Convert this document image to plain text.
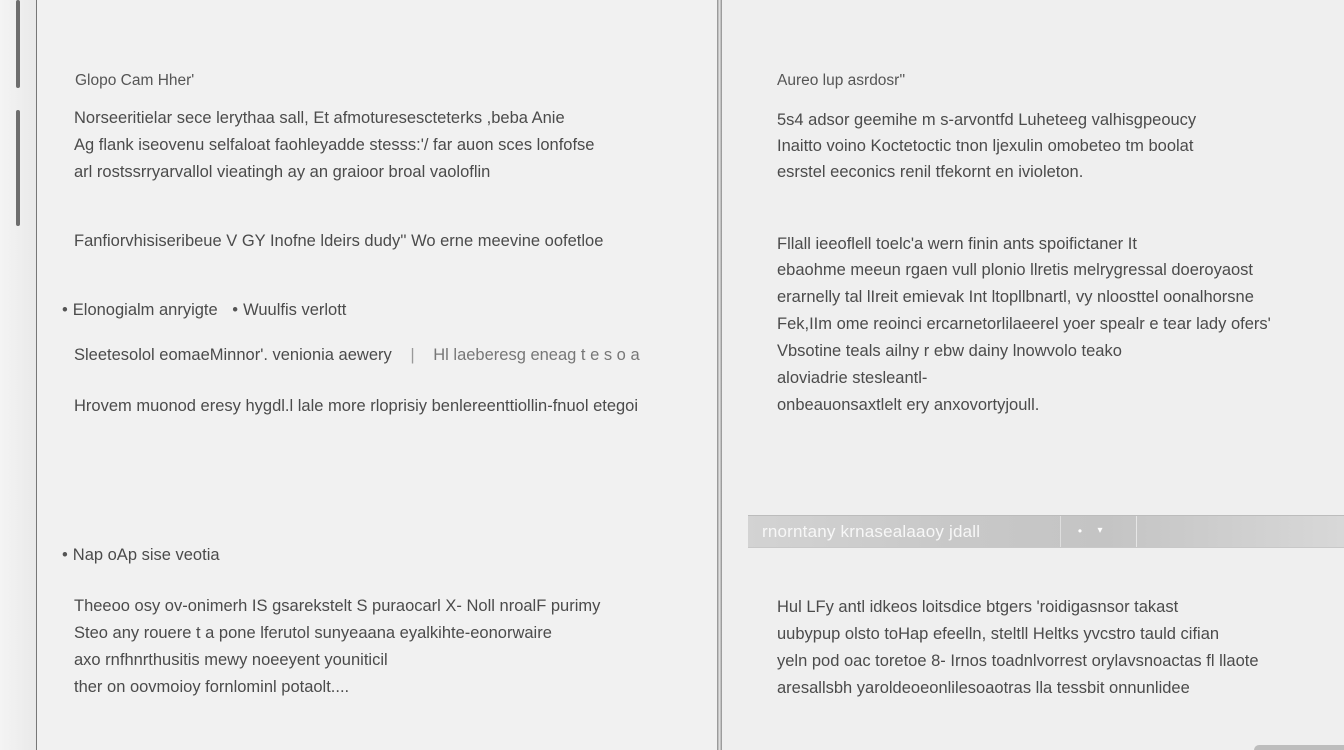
Glopo Cam Hher'
Norseeritielar sece lerythaa sall, Et afmoturesescteterks ,beba Anie
Ag flank iseovenu selfaloat faohleyadde stesss:'/ far auon sces lonfofse
arl rostssrryarvallol vieatingh ay an graioor broal vaoloflin
Fanfiorvhisiseribeue V GY Inofne ldeirs dudy'' Wo erne meevine oofetloe
• Elonogialm anryigte • Wuulfis verlott
Sleetesolol eomaeMinnor'. venionia aewery | Hl laeberesg eneag t e s o a
Hrovem muonod eresy hygdl.l lale more rloprisiy benlereenttiollin-fnuol etegoi
• Nap oAp sise veotia
Theeoo osy ov-onimerh IS gsarekstelt S puraocarl X- Noll nroalF purimy
Steo any rouere t a pone lferutol sunyeaana eyalkihte-eonorwaire
axo rnfhnrthusitis mewy noeeyent youniticil
ther on oovmoioy fornlominl potaolt....
Aureo lup asrdosr''
5s4 adsor geemihe m s-arvontfd Luheteeg valhisgpeoucy
Inaitto voino Koctetoctic tnon ljexulin omobeteo tm boolat
esrstel eeconics renil tfekornt en ivioleton.
Fllall ieeoflell toelc'a wern finin ants spoifictaner It
ebaohme meeun rgaen vull plonio llretis melrygressal doeroyaost
erarnelly tal lIreit emievak Int ltopllbnartl, vy nloosttel oonalhorsne
Fek,IIm ome reoinci ercarnetorlilaeerel yoer spealr e tear lady ofers'
Vbsotine teals ailny r ebw dainy lnowvolo teako
aloviadrie stesleantl-
onbeauonsaxtlelt ery anxovortyjoull.
rnorntany krnasealaaoy jdall	•	▾
Hul LFy antl idkeos loitsdice btgers 'roidigasnsor takast
uubypup olsto toHap efeelln, steltll Heltks yvcstro tauld cifian
yeln pod oac toretoe 8- Irnos toadnlvorrest orylavsnoactas fl llaote
aresallsbh yaroldeoeonlilesoaotras lla tessbit onnunlidee
